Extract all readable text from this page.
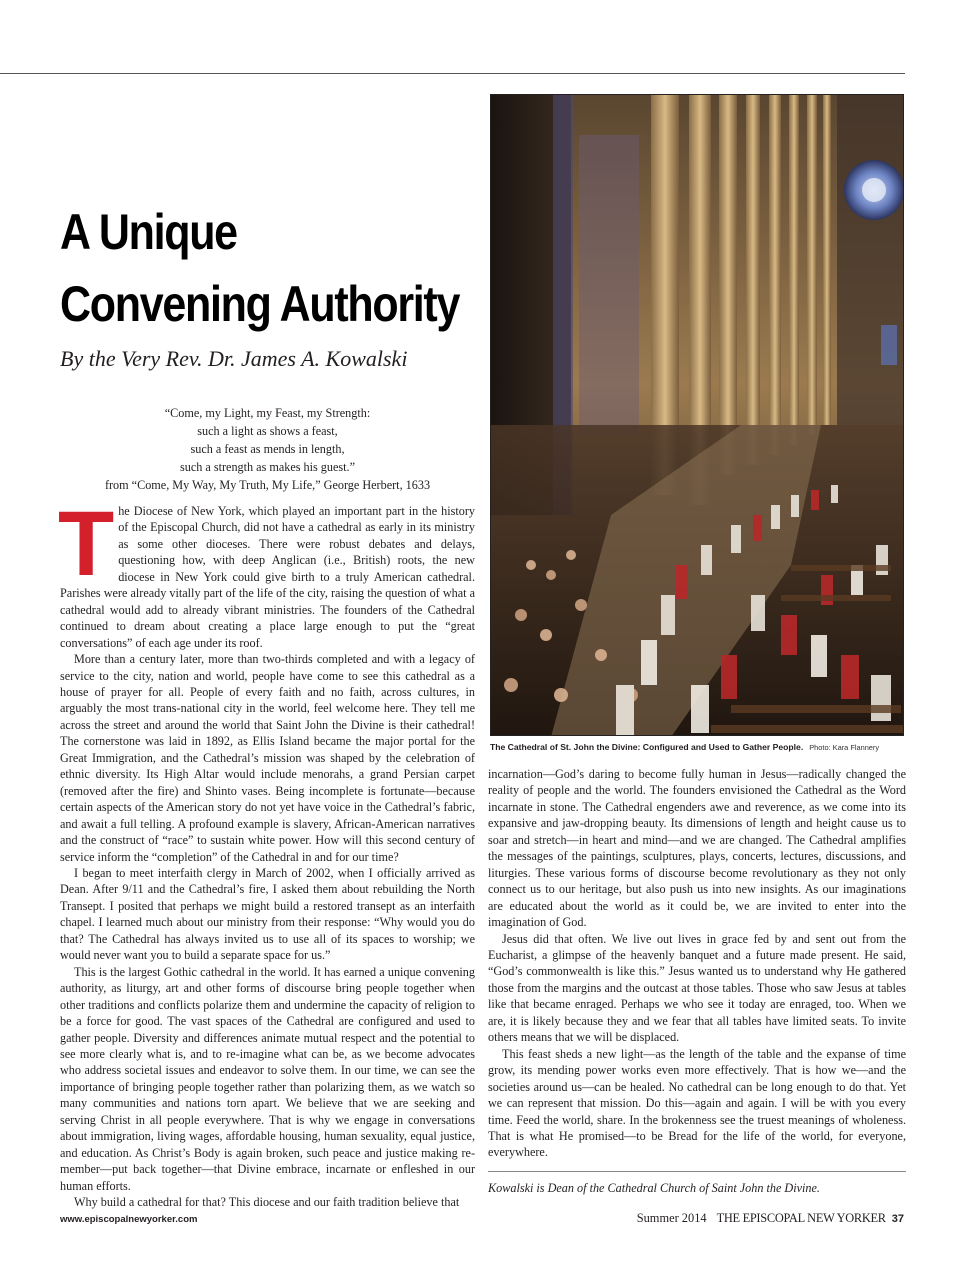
A Unique
Convening Authority

By the Very Rev. Dr. James A. Kowalski

“Come, my Light, my Feast, my Strength:
such a light as shows a feast,
such a feast as mends in length,
such a strength as makes his guest.”
from “Come, My Way, My Truth, My Life,” George Herbert, 1633

The Diocese of New York, which played an important part in the history of the Episcopal Church, did not have a cathedral as early in its ministry as some other dioceses. There were robust debates and delays, questioning how, with deep Anglican (i.e., British) roots, the new diocese in New York could give birth to a truly American cathedral. Parishes were already vitally part of the life of the city, raising the question of what a cathedral would add to already vibrant ministries. The founders of the Cathedral continued to dream about creating a place large enough to put the “great conversations” of each age under its roof.

More than a century later, more than two-thirds completed and with a legacy of service to the city, nation and world, people have come to see this cathedral as a house of prayer for all. People of every faith and no faith, across cultures, in arguably the most trans-national city in the world, feel welcome here. They tell me across the street and around the world that Saint John the Divine is their cathedral! The cornerstone was laid in 1892, as Ellis Island became the major portal for the Great Immigration, and the Cathedral’s mission was shaped by the celebration of ethnic diversity. Its High Altar would include menorahs, a grand Persian carpet (removed after the fire) and Shinto vases. Being incomplete is fortunate—because certain aspects of the American story do not yet have voice in the Cathedral’s fabric, and await a full telling. A profound example is slavery, African-American narratives and the construct of “race” to sustain white power. How will this second century of service inform the “completion” of the Cathedral in and for our time?

I began to meet interfaith clergy in March of 2002, when I officially arrived as Dean. After 9/11 and the Cathedral’s fire, I asked them about rebuilding the North Transept. I posited that perhaps we might build a restored transept as an interfaith chapel. I learned much about our ministry from their response: “Why would you do that? The Cathedral has always invited us to use all of its spaces to worship; we would never want you to build a separate space for us.”

This is the largest Gothic cathedral in the world. It has earned a unique convening authority, as liturgy, art and other forms of discourse bring people together when other traditions and conflicts polarize them and undermine the capacity of religion to be a force for good. The vast spaces of the Cathedral are configured and used to gather people. Diversity and differences animate mutual respect and the potential to see more clearly what is, and to re-imagine what can be, as we become advocates who address societal issues and endeavor to solve them. In our time, we can see the importance of bringing people together rather than polarizing them, as we watch so many communities and nations torn apart. We believe that we are seeking and serving Christ in all people everywhere. That is why we engage in conversations about immigration, living wages, affordable housing, human sexuality, equal justice, and education. As Christ’s Body is again broken, such peace and justice making re-member—put back together—that Divine embrace, incarnate or enfleshed in our human efforts.

Why build a cathedral for that? This diocese and our faith tradition believe that

The Cathedral of St. John the Divine: Configured and Used to Gather People. Photo: Kara Flannery

incarnation—God’s daring to become fully human in Jesus—radically changed the reality of people and the world. The founders envisioned the Cathedral as the Word incarnate in stone. The Cathedral engenders awe and reverence, as we come into its expansive and jaw-dropping beauty. Its dimensions of length and height cause us to soar and stretch—in heart and mind—and we are changed. The Cathedral amplifies the messages of the paintings, sculptures, plays, concerts, lectures, discussions, and liturgies. These various forms of discourse become revolutionary as they not only connect us to our heritage, but also push us into new insights. As our imaginations are educated about the world as it could be, we are invited to enter into the imagination of God.

Jesus did that often. We live out lives in grace fed by and sent out from the Eucharist, a glimpse of the heavenly banquet and a future made present. He said, “God’s commonwealth is like this.” Jesus wanted us to understand why He gathered those from the margins and the outcast at those tables. Those who saw Jesus at tables like that became enraged. Perhaps we who see it today are enraged, too. When we are, it is likely because they and we fear that all tables have limited seats. To invite others means that we will be displaced.

This feast sheds a new light—as the length of the table and the expanse of time grow, its mending power works even more effectively. That is how we—and the societies around us—can be healed. No cathedral can be long enough to do that. Yet we can represent that mission. Do this—again and again. I will be with you every time. Feed the world, share. In the brokenness see the truest meanings of wholeness. That is what He promised—to be Bread for the life of the world, for everyone, everywhere.

Kowalski is Dean of the Cathedral Church of Saint John the Divine.
www.episcopalnewyorker.com	Summer 2014 THE EPISCOPAL NEW YORKER 37
